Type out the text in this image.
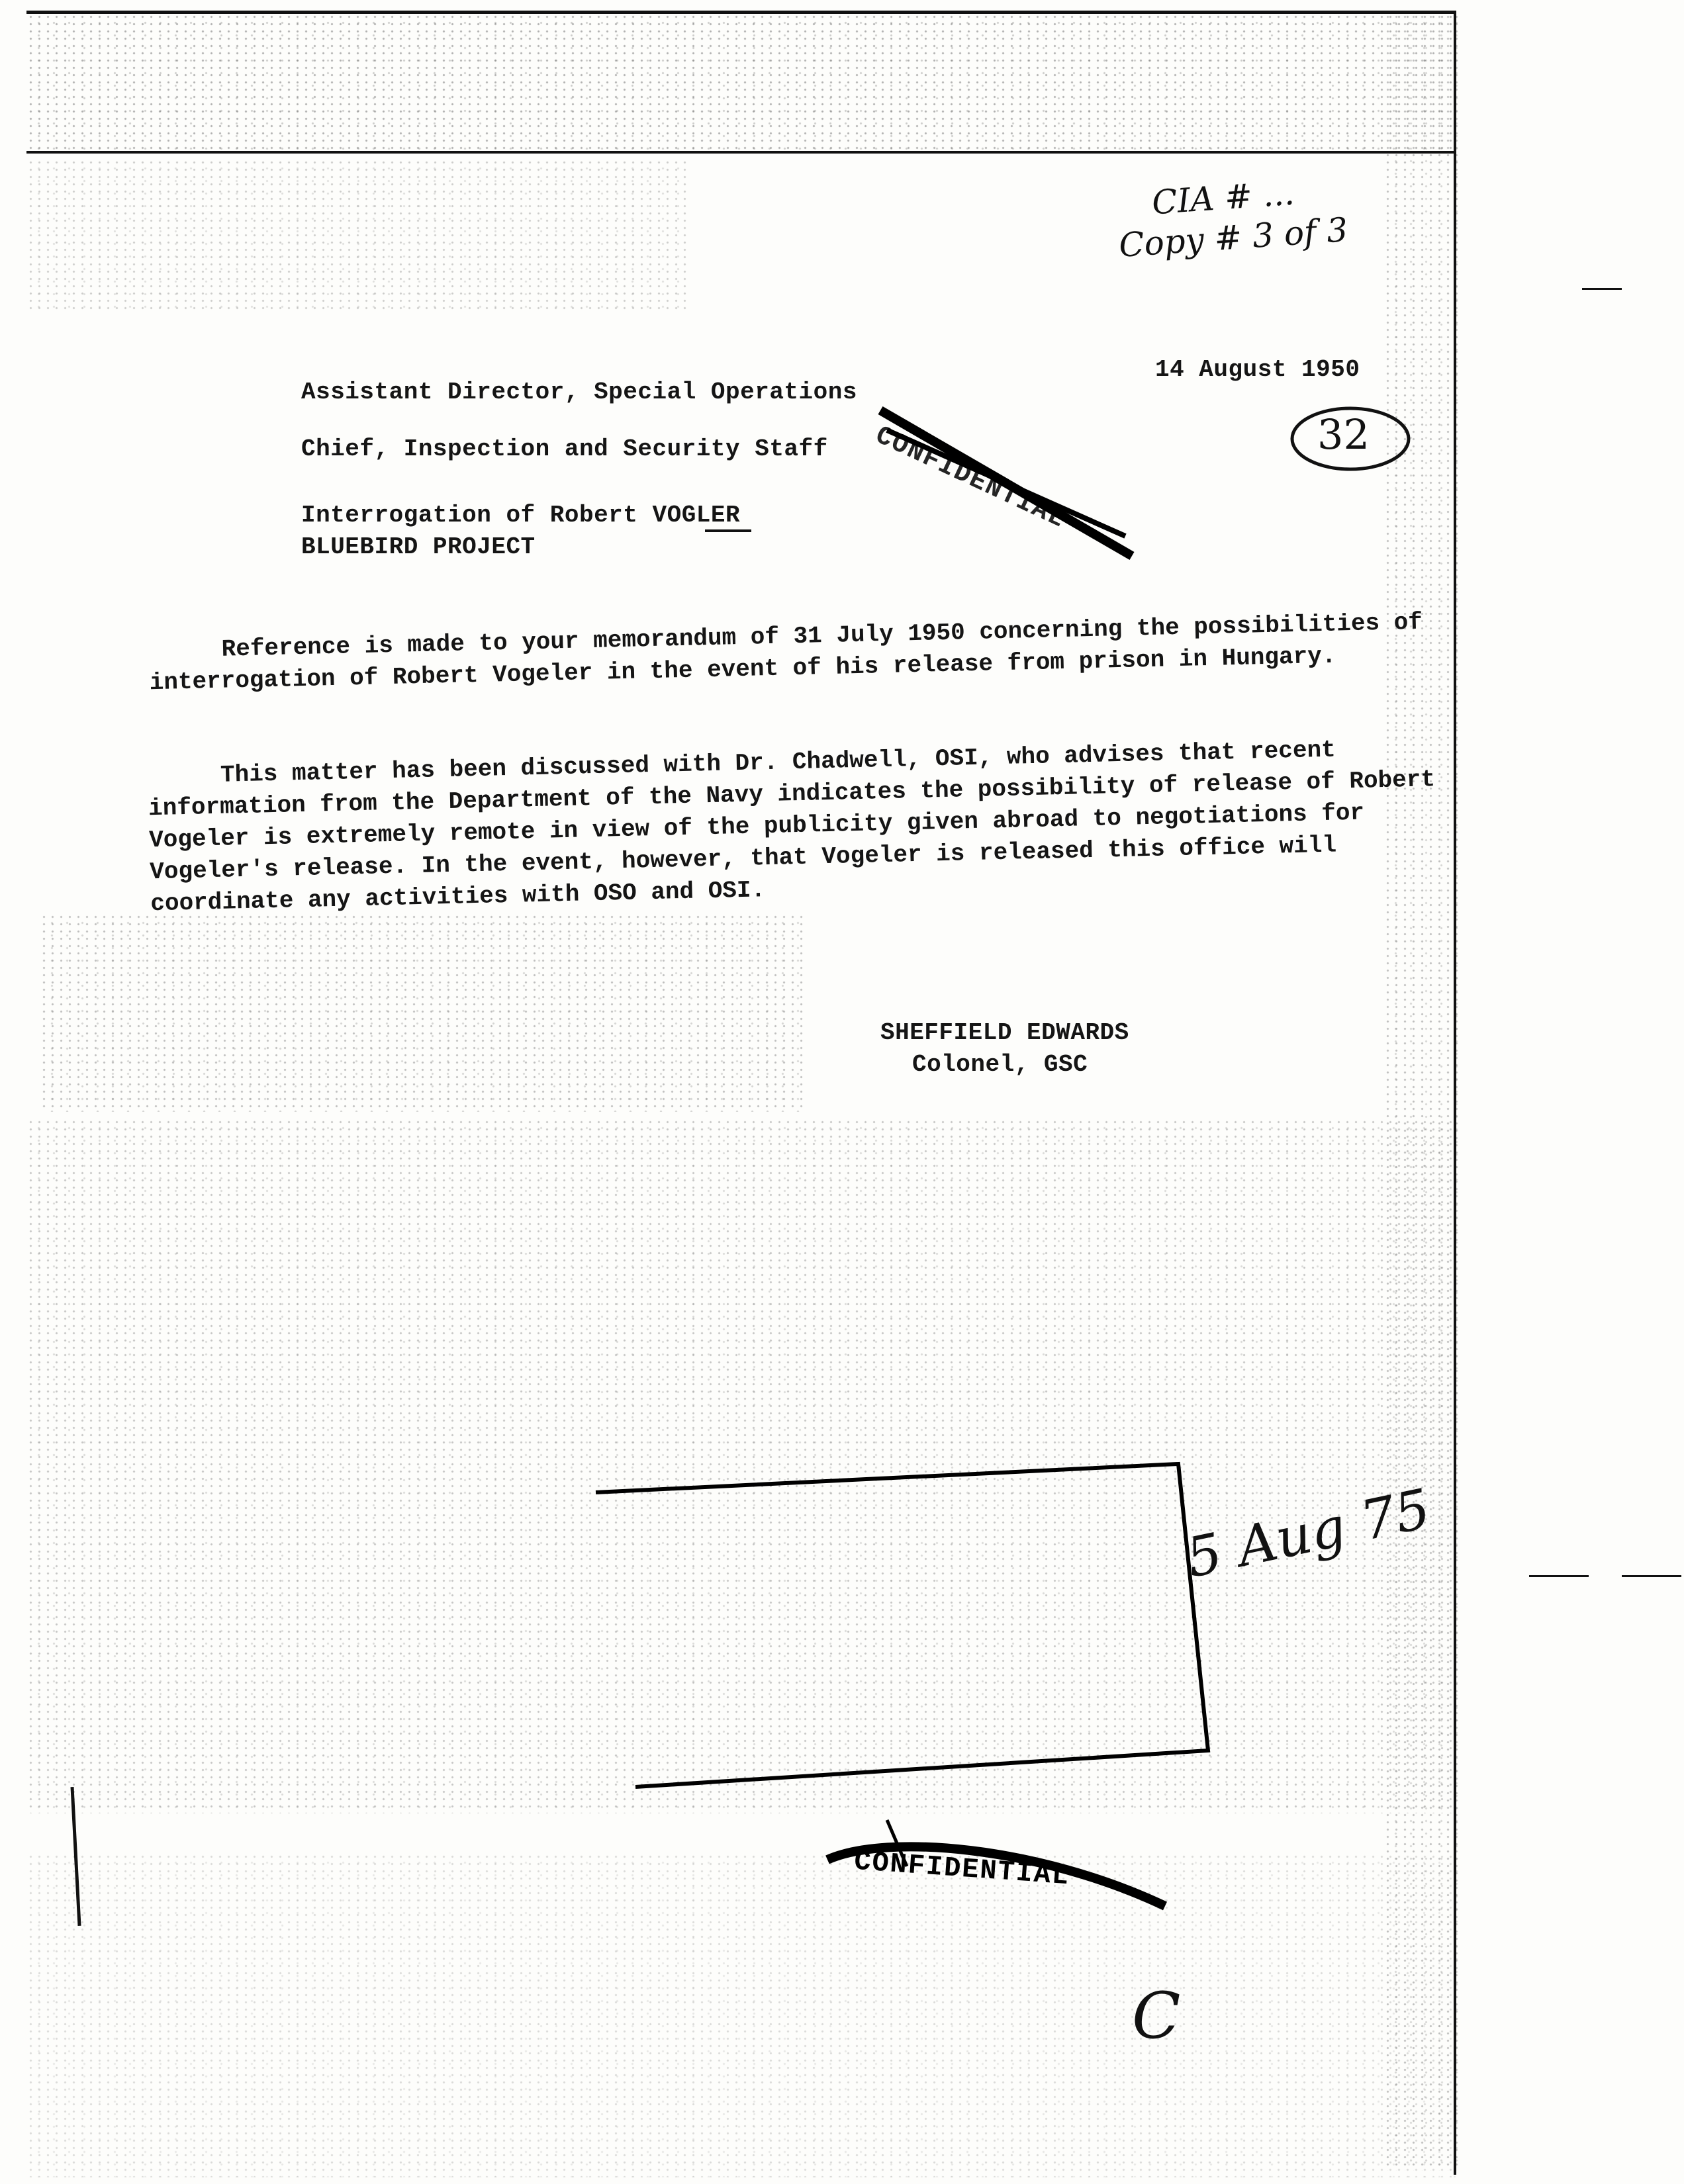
CIA # ...
Copy # 3 of 3
14 August 1950
32
Assistant Director, Special Operations
Chief, Inspection and Security Staff
Interrogation of Robert VOGLER
BLUEBIRD PROJECT
CONFIDENTIAL
Reference is made to your memorandum of 31 July 1950 concerning the possibilities of interrogation of Robert Vogeler in the event of his release from prison in Hungary.
This matter has been discussed with Dr. Chadwell, OSI, who advises that recent information from the Department of the Navy indicates the possibility of release of Robert Vogeler is extremely remote in view of the publicity given abroad to negotiations for Vogeler's release. In the event, however, that Vogeler is released this office will coordinate any activities with OSO and OSI.
SHEFFIELD EDWARDS
Colonel, GSC
5 Aug 75
CONFIDENTIAL
C
